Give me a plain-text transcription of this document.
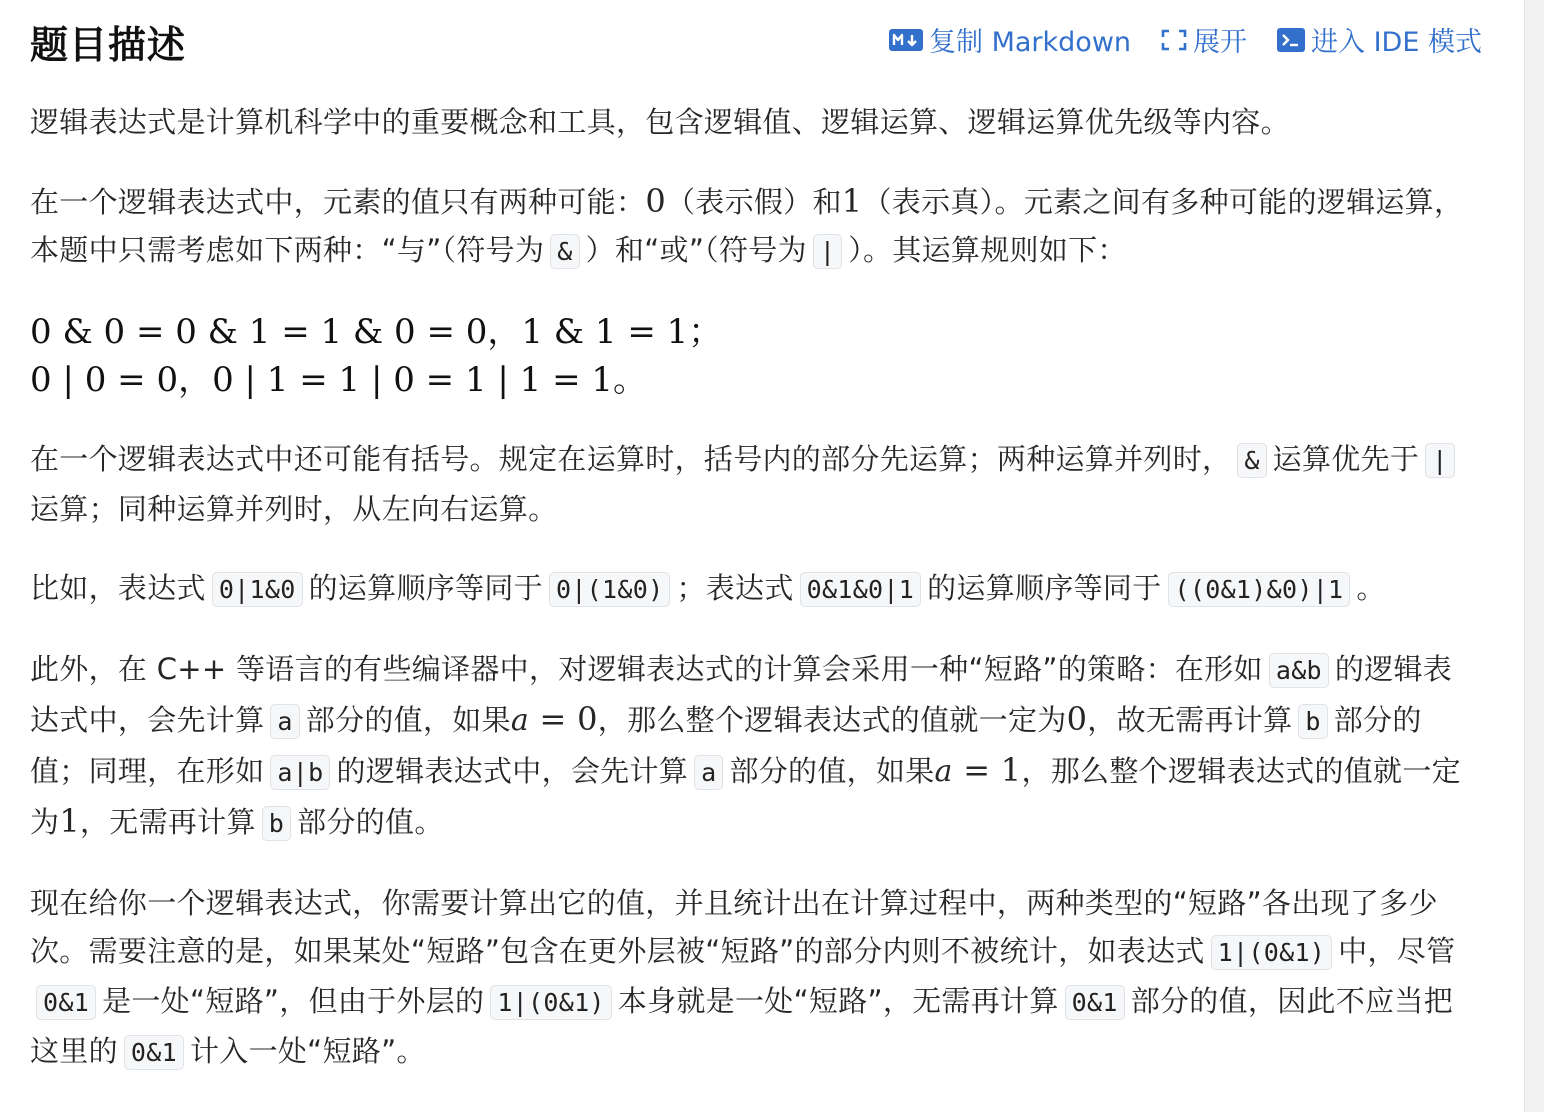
题目描述	复制 Markdown 展开 进入 IDE 模式

逻辑表达式是计算机科学中的重要概念和工具，包含逻辑值、逻辑运算、逻辑运算优先级等内容。

在一个逻辑表达式中，元素的值只有两种可能：0（表示假）和1（表示真）。元素之间有多种可能的逻辑运算，本题中只需考虑如下两种：“与”（符号为 & ）和“或”（符号为 | ）。其运算规则如下：

0 & 0 = 0 & 1 = 1 & 0 = 0，1 & 1 = 1；
0 | 0 = 0，0 | 1 = 1 | 0 = 1 | 1 = 1。

在一个逻辑表达式中还可能有括号。规定在运算时，括号内的部分先运算；两种运算并列时， & 运算优先于 |运算；同种运算并列时，从左向右运算。

比如，表达式 0|1&0 的运算顺序等同于 0|(1&0) ；表达式 0&1&0|1 的运算顺序等同于 ((0&1)&0)|1 。

此外，在 C++ 等语言的有些编译器中，对逻辑表达式的计算会采用一种“短路”的策略：在形如 a&b 的逻辑表达式中，会先计算 a 部分的值，如果a = 0，那么整个逻辑表达式的值就一定为0，故无需再计算 b 部分的值；同理，在形如 a|b 的逻辑表达式中，会先计算 a 部分的值，如果a = 1，那么整个逻辑表达式的值就一定为1，无需再计算 b 部分的值。

现在给你一个逻辑表达式，你需要计算出它的值，并且统计出在计算过程中，两种类型的“短路”各出现了多少次。需要注意的是，如果某处“短路”包含在更外层被“短路”的部分内则不被统计，如表达式 1|(0&1) 中，尽管0&1 是一处“短路”，但由于外层的 1|(0&1) 本身就是一处“短路”，无需再计算 0&1 部分的值，因此不应当把这里的 0&1 计入一处“短路”。
